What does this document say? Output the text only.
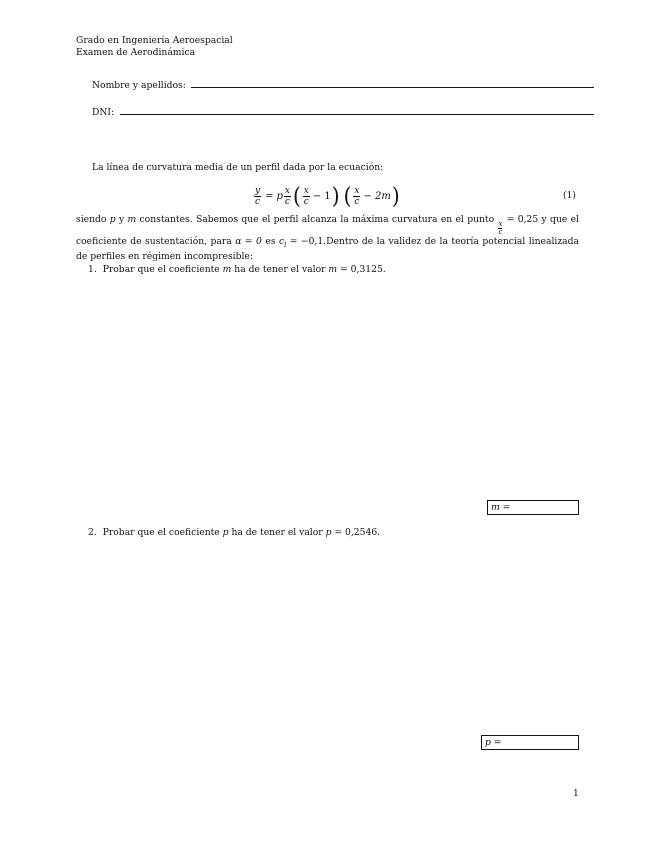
Grado en Ingeniería Aeroespacial
Examen de Aerodinámica
Nombre y apellidos:
DNI:
La línea de curvatura media de un perfil dada por la ecuación:
$\frac{y}{c} = p \frac{x}{c}$ ( $\frac{x}{c} - 1$ ) ( $\frac{x}{c} - 2m$ )	(1)
siendo p y m constantes. Sabemos que el perfil alcanza la máxima curvatura en el punto
$\frac{x}{c}$
= 0,25 y que el coeficiente de sustentación, para α = 0 es $c_l$ = −0,1.Dentro de la validez de la teoría potencial linealizada de perfiles en régimen incompresible:
1. Probar que el coeficiente m ha de tener el valor m = 0,3125.
m =
2. Probar que el coeficiente p ha de tener el valor p = 0,2546.
p =
1
